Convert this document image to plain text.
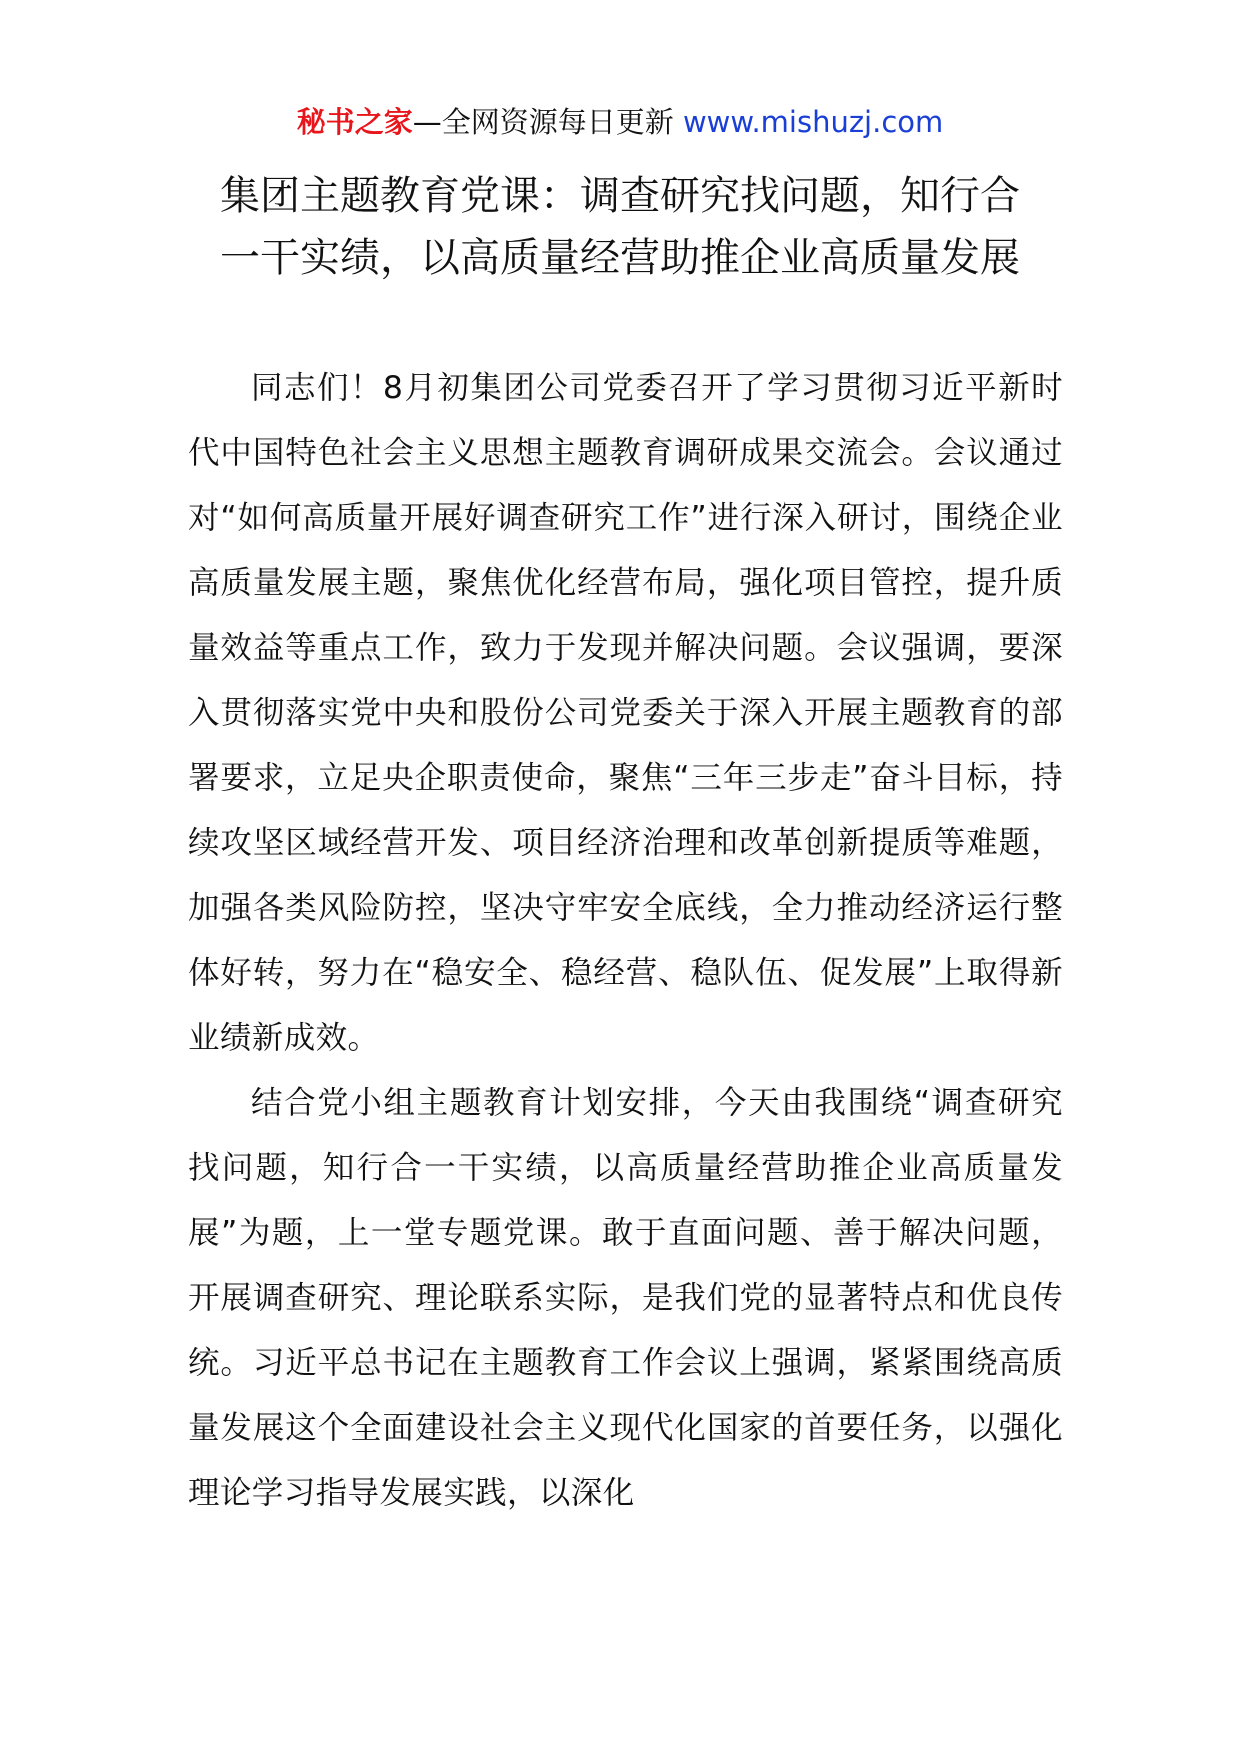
秘书之家—全网资源每日更新 www.mishuzj.com
集团主题教育党课：调查研究找问题，知行合
一干实绩，以高质量经营助推企业高质量发展

同志们！8月初集团公司党委召开了学习贯彻习近平新时代中国特色社会主义思想主题教育调研成果交流会。会议通过对“如何高质量开展好调查研究工作”进行深入研讨，围绕企业高质量发展主题，聚焦优化经营布局，强化项目管控，提升质量效益等重点工作，致力于发现并解决问题。会议强调，要深入贯彻落实党中央和股份公司党委关于深入开展主题教育的部署要求，立足央企职责使命，聚焦“三年三步走”奋斗目标，持续攻坚区域经营开发、项目经济治理和改革创新提质等难题，加强各类风险防控，坚决守牢安全底线，全力推动经济运行整体好转，努力在“稳安全、稳经营、稳队伍、促发展”上取得新业绩新成效。

结合党小组主题教育计划安排，今天由我围绕“调查研究找问题，知行合一干实绩，以高质量经营助推企业高质量发展”为题，上一堂专题党课。敢于直面问题、善于解决问题，开展调查研究、理论联系实际，是我们党的显著特点和优良传统。习近平总书记在主题教育工作会议上强调，紧紧围绕高质量发展这个全面建设社会主义现代化国家的首要任务，以强化理论学习指导发展实践，以深化
